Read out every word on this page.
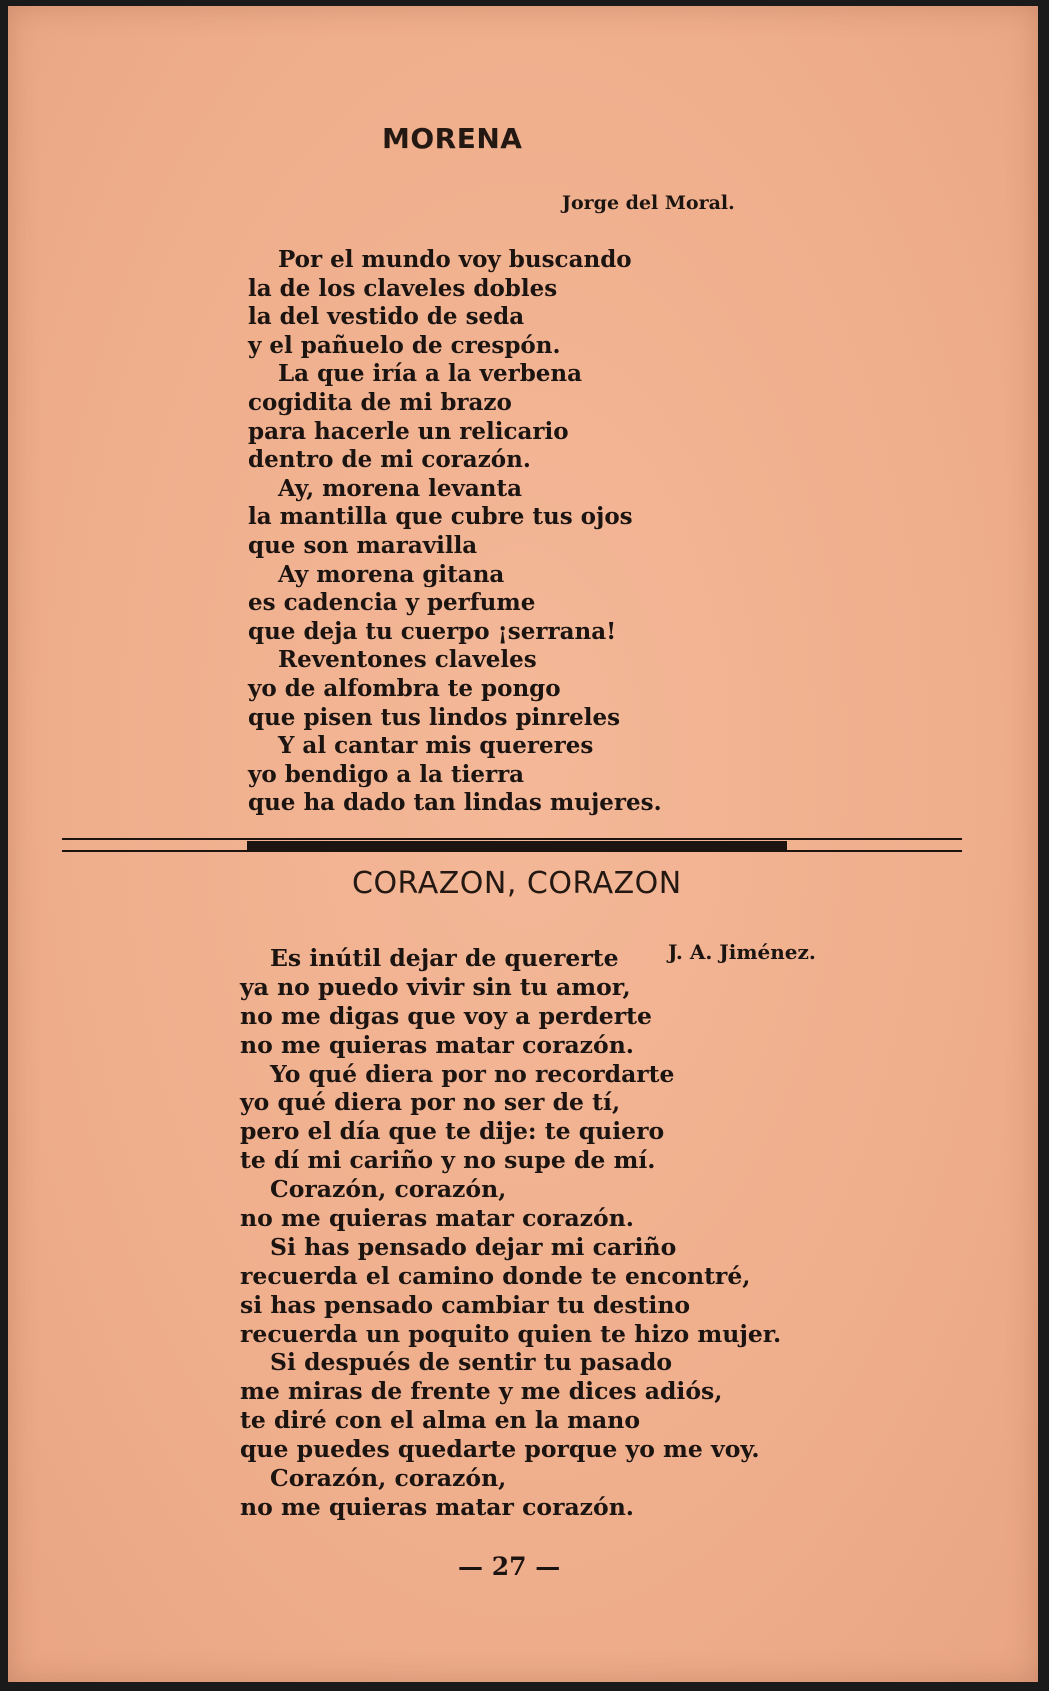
MORENA
Jorge del Moral.
Por el mundo voy buscando
la de los claveles dobles
la del vestido de seda
y el pañuelo de crespón.
La que iría a la verbena
cogidita de mi brazo
para hacerle un relicario
dentro de mi corazón.
Ay, morena levanta
la mantilla que cubre tus ojos
que son maravilla
Ay morena gitana
es cadencia y perfume
que deja tu cuerpo ¡serrana!
Reventones claveles
yo de alfombra te pongo
que pisen tus lindos pinreles
Y al cantar mis quereres
yo bendigo a la tierra
que ha dado tan lindas mujeres.
CORAZON, CORAZON
J. A. Jiménez.
Es inútil dejar de quererte
ya no puedo vivir sin tu amor,
no me digas que voy a perderte
no me quieras matar corazón.
Yo qué diera por no recordarte
yo qué diera por no ser de tí,
pero el día que te dije: te quiero
te dí mi cariño y no supe de mí.
Corazón, corazón,
no me quieras matar corazón.
Si has pensado dejar mi cariño
recuerda el camino donde te encontré,
si has pensado cambiar tu destino
recuerda un poquito quien te hizo mujer.
Si después de sentir tu pasado
me miras de frente y me dices adiós,
te diré con el alma en la mano
que puedes quedarte porque yo me voy.
Corazón, corazón,
no me quieras matar corazón.
— 27 —
